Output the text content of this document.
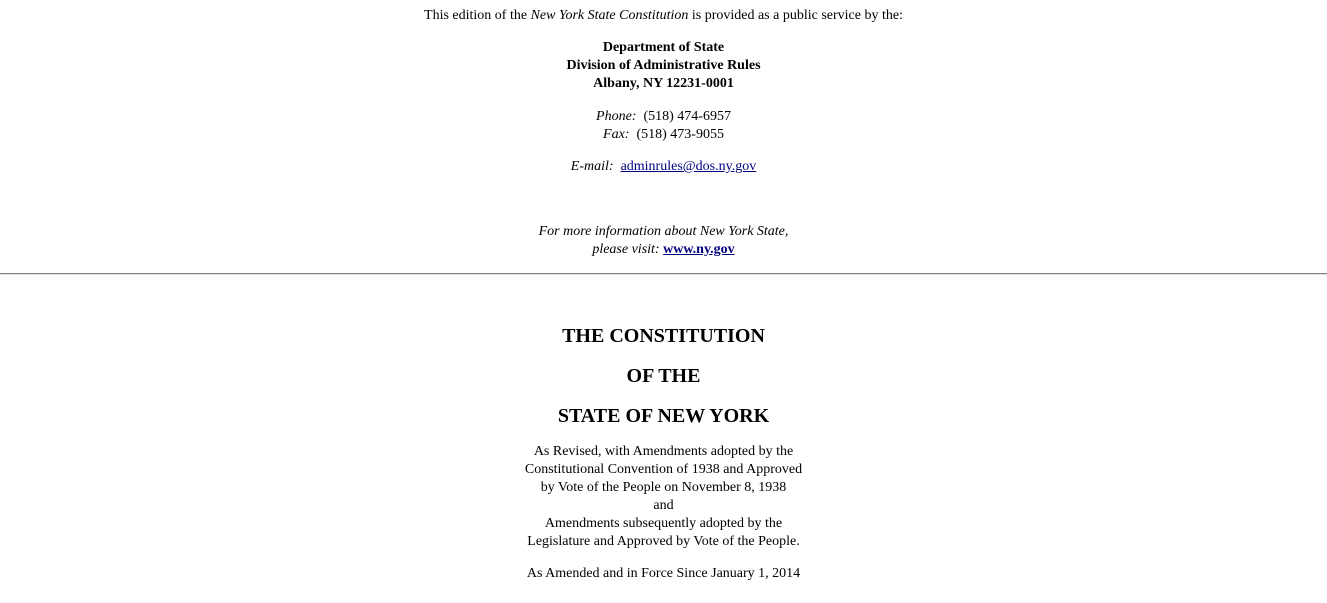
This edition of the New York State Constitution is provided as a public service by the:
Department of State
Division of Administrative Rules
Albany, NY 12231-0001
Phone: (518) 474-6957
Fax: (518) 473-9055
E-mail: adminrules@dos.ny.gov
For more information about New York State,
please visit: www.ny.gov
THE CONSTITUTION
OF THE
STATE OF NEW YORK
As Revised, with Amendments adopted by the
Constitutional Convention of 1938 and Approved
by Vote of the People on November 8, 1938
and
Amendments subsequently adopted by the
Legislature and Approved by Vote of the People.
As Amended and in Force Since January 1, 2014
